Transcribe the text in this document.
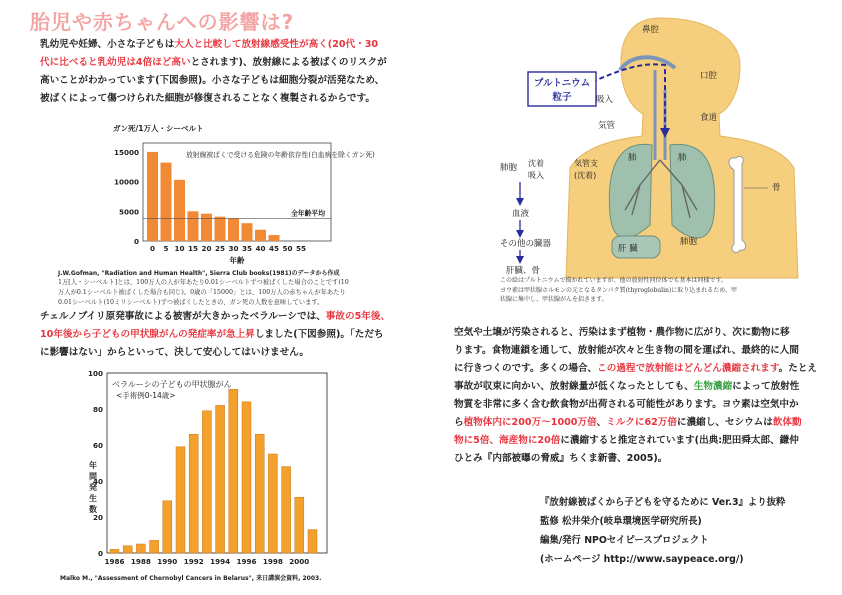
胎児や赤ちゃんへの影響は?
乳幼児や妊婦、小さな子どもは大人と比較して放射線感受性が高く(20代・30
代に比べると乳幼児は4倍ほど高いとされます)、放射線による被ばくのリスクが
高いことがわかっています(下図参照)。小さな子どもは細胞分裂が活発なため、
被ばくによって傷つけられた細胞が修復されることなく複製されるからです。
ガン死/1万人・シーベルト
放射線被ばくで受ける危険の年齢依存性(白血病を除くガン死)
15000
10000
5000
0
全年齢平均
0 5 10 15 20 25 30 35 40 45 50 55
年齢
J.W.Gofman, "Radiation and Human Health", Sierra Club books(1981)のデータから作成
1万[人・シーベルト]とは、100万人の人が年あたり0.01シーベルトずつ被ばくした場合のことです(10
万人が0.1シーベルト被ばくした場合も同じ)。0歳の「15000」とは、100万人の赤ちゃんが年あたり
0.01シーベルト(10ミリシーベルト)ずつ被ばくしたときの、ガン死の人数を意味しています。
チェルノブイリ原発事故による被害が大きかったベラルーシでは、事故の5年後、
10年後から子どもの甲状腺がんの発症率が急上昇しました(下図参照)。「ただち
に影響はない」からといって、決して安心してはいけません。
年間発生数
ベラルーシの子どもの甲状腺がん
<手術例0-14歳>
100
80
60
40
20
0
1986 1988 1990 1992 1994 1996 1998 2000
Malko M., "Assessment of Chernobyl Cancers in Belarus", 来日講演会資料, 2003.
プルトニウム粒子
肺胞 沈着吸入
血液
その他の臓器
肝臓、骨
鼻腔
口腔
吸入
食道
気管
気管支(沈着)
肺	肺
肝 臓
肺胞
骨
この絵はプルトニウムで描かれていますが、他の放射性同位体でも基本は同様です。
ヨウ素は甲状腺ホルモンの元となるタンパク質(thyroglobulin)に取り込まれるため、甲
状腺に集中し、甲状腺がんを招きます。
空気や土壌が汚染されると、汚染はまず植物・農作物に広がり、次に動物に移
ります。食物連鎖を通して、放射能が次々と生き物の間を運ばれ、最終的に人間
に行きつくのです。多くの場合、この過程で放射能はどんどん濃縮されます。たとえ
事故が収束に向かい、放射線量が低くなったとしても、生物濃縮によって放射性
物質を非常に多く含む飲食物が出荷される可能性があります。ヨウ素は空気中か
ら植物体内に200万〜1000万倍、ミルクに62万倍に濃縮し、セシウムは飲体動
物に5倍、海産物に20倍に濃縮すると推定されています(出典:肥田舜太郎、鎌仲
ひとみ『内部被曝の脅威』ちくま新書、2005)。
『放射線被ばくから子どもを守るために Ver.3』より抜粋
監修 松井栄介(岐阜環境医学研究所長)
編集/発行 NPOセイピースプロジェクト
(ホームページ http://www.saypeace.org/)
